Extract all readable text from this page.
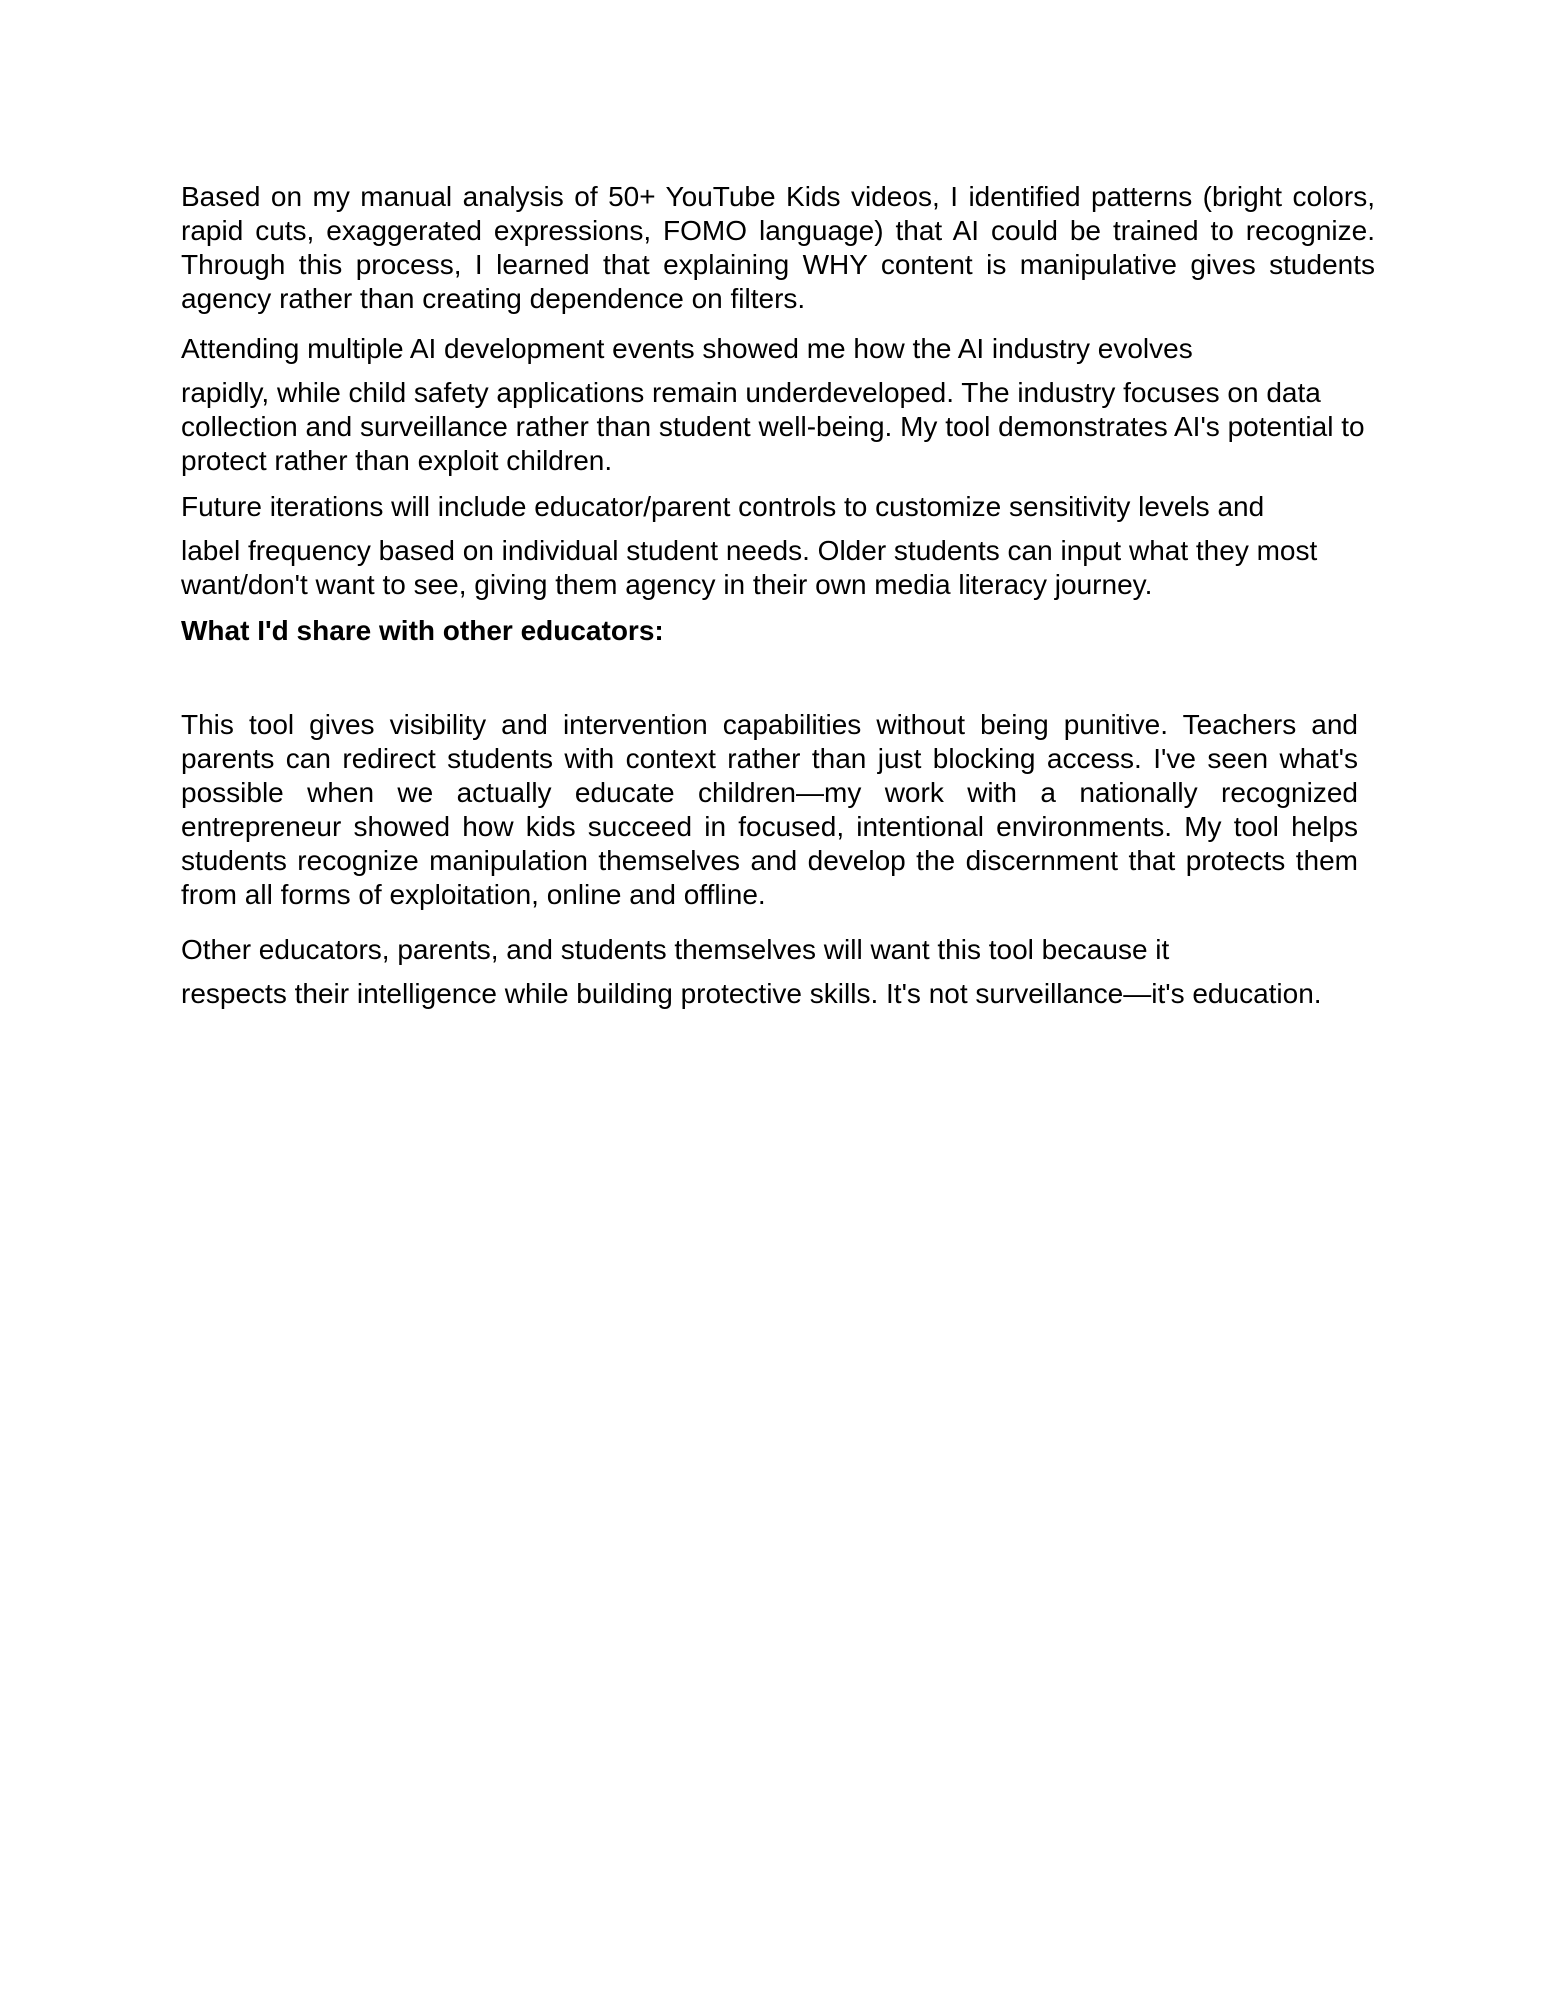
Based on my manual analysis of 50+ YouTube Kids videos, I identified patterns (bright colors, rapid cuts, exaggerated expressions, FOMO language) that AI could be trained to recognize. Through this process, I learned that explaining WHY content is manipulative gives students agency rather than creating dependence on filters.

Attending multiple AI development events showed me how the AI industry evolves
rapidly, while child safety applications remain underdeveloped. The industry focuses on data collection and surveillance rather than student well-being. My tool demonstrates AI's potential to protect rather than exploit children.

Future iterations will include educator/parent controls to customize sensitivity levels and
label frequency based on individual student needs. Older students can input what they most want/don't want to see, giving them agency in their own media literacy journey.

What I'd share with other educators:

This tool gives visibility and intervention capabilities without being punitive. Teachers and parents can redirect students with context rather than just blocking access. I've seen what's possible when we actually educate children—my work with a nationally recognized entrepreneur showed how kids succeed in focused, intentional environments. My tool helps students recognize manipulation themselves and develop the discernment that protects them from all forms of exploitation, online and offline.

Other educators, parents, and students themselves will want this tool because it
respects their intelligence while building protective skills. It's not surveillance—it's education.
